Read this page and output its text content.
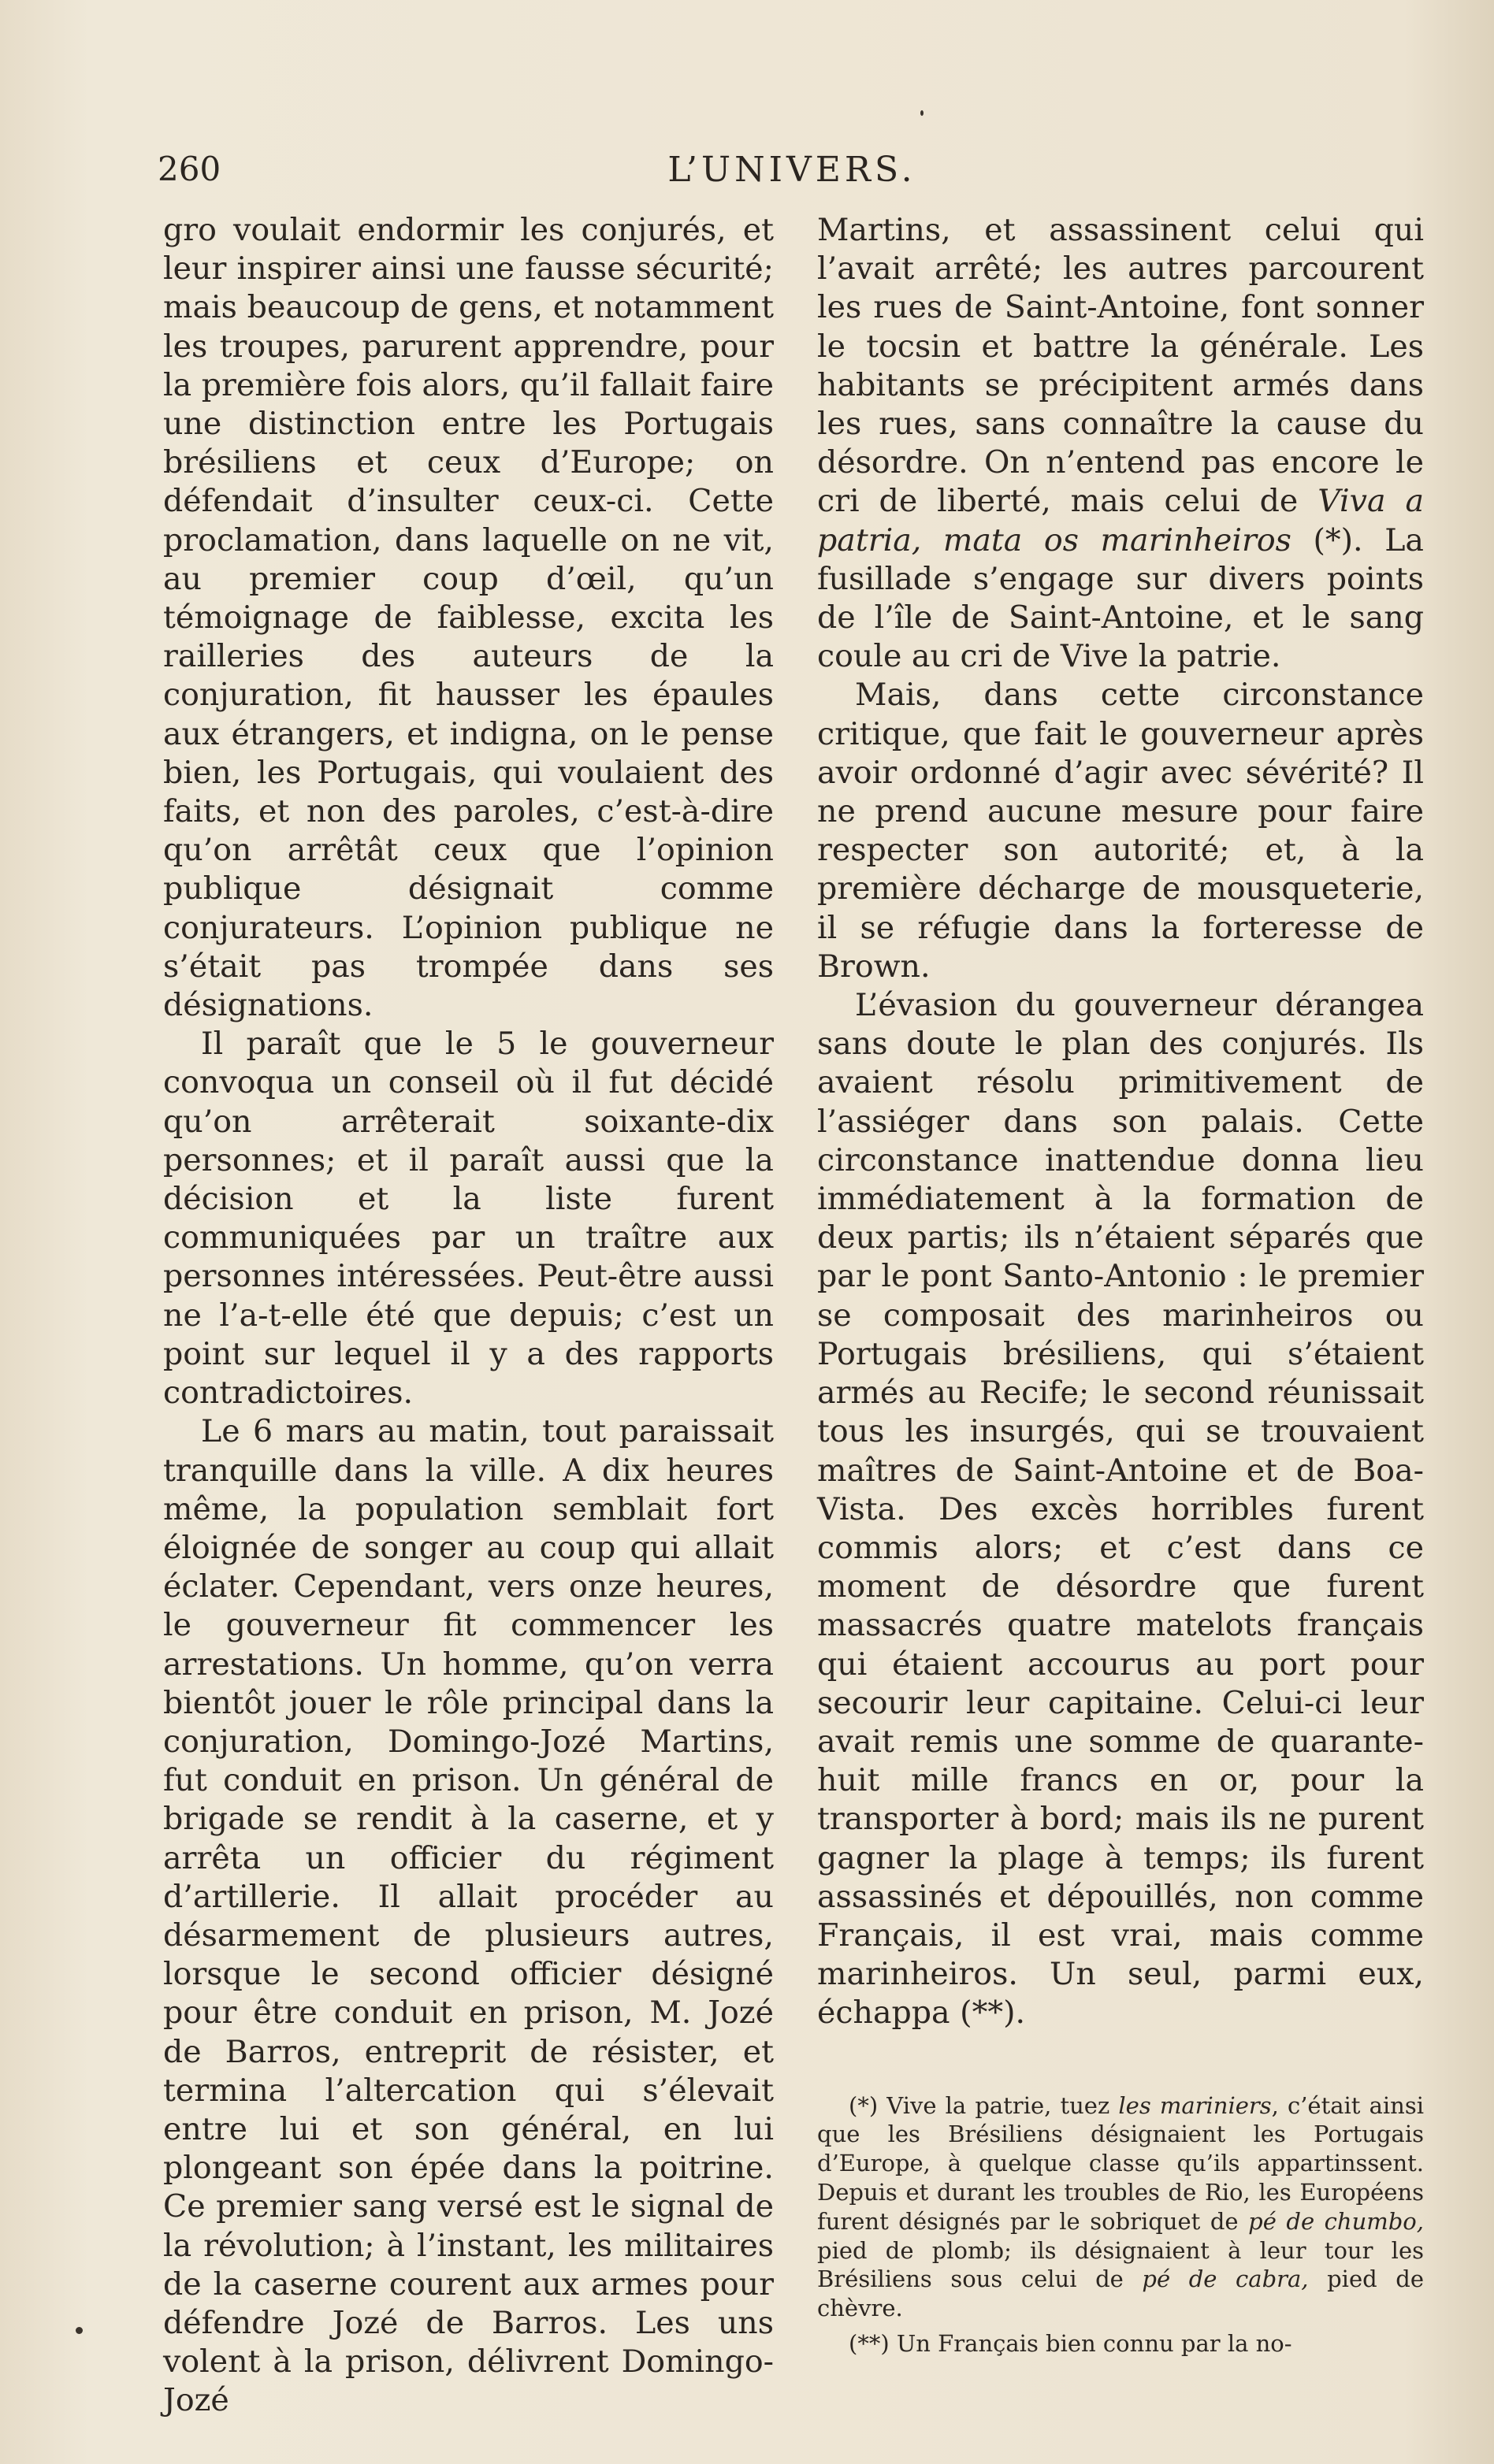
260	L’UNIVERS.

gro voulait endormir les conjurés, et leur inspirer ainsi une fausse sécurité; mais beaucoup de gens, et notamment les troupes, parurent apprendre, pour la première fois alors, qu’il fallait faire une distinction entre les Portugais brésiliens et ceux d’Europe; on défendait d’insulter ceux-ci. Cette proclamation, dans laquelle on ne vit, au premier coup d’œil, qu’un témoignage de faiblesse, excita les railleries des auteurs de la conjuration, fit hausser les épaules aux étrangers, et indigna, on le pense bien, les Portugais, qui voulaient des faits, et non des paroles, c’est-à-dire qu’on arrêtât ceux que l’opinion publique désignait comme conjurateurs. L’opinion publique ne s’était pas trompée dans ses désignations.

Il paraît que le 5 le gouverneur convoqua un conseil où il fut décidé qu’on arrêterait soixante-dix personnes; et il paraît aussi que la décision et la liste furent communiquées par un traître aux personnes intéressées. Peut-être aussi ne l’a-t-elle été que depuis; c’est un point sur lequel il y a des rapports contradictoires.

Le 6 mars au matin, tout paraissait tranquille dans la ville. A dix heures même, la population semblait fort éloignée de songer au coup qui allait éclater. Cependant, vers onze heures, le gouverneur fit commencer les arrestations. Un homme, qu’on verra bientôt jouer le rôle principal dans la conjuration, Domingo-Jozé Martins, fut conduit en prison. Un général de brigade se rendit à la caserne, et y arrêta un officier du régiment d’artillerie. Il allait procéder au désarmement de plusieurs autres, lorsque le second officier désigné pour être conduit en prison, M. Jozé de Barros, entreprit de résister, et termina l’altercation qui s’élevait entre lui et son général, en lui plongeant son épée dans la poitrine. Ce premier sang versé est le signal de la révolution; à l’instant, les militaires de la caserne courent aux armes pour défendre Jozé de Barros. Les uns volent à la prison, délivrent Domingo-Jozé

Martins, et assassinent celui qui l’avait arrêté; les autres parcourent les rues de Saint-Antoine, font sonner le tocsin et battre la générale. Les habitants se précipitent armés dans les rues, sans connaître la cause du désordre. On n’entend pas encore le cri de liberté, mais celui de Viva a patria, mata os marinheiros (*). La fusillade s’engage sur divers points de l’île de Saint-Antoine, et le sang coule au cri de Vive la patrie.

Mais, dans cette circonstance critique, que fait le gouverneur après avoir ordonné d’agir avec sévérité? Il ne prend aucune mesure pour faire respecter son autorité; et, à la première décharge de mousqueterie, il se réfugie dans la forteresse de Brown.

L’évasion du gouverneur dérangea sans doute le plan des conjurés. Ils avaient résolu primitivement de l’assiéger dans son palais. Cette circonstance inattendue donna lieu immédiatement à la formation de deux partis; ils n’étaient séparés que par le pont Santo-Antonio : le premier se composait des marinheiros ou Portugais brésiliens, qui s’étaient armés au Recife; le second réunissait tous les insurgés, qui se trouvaient maîtres de Saint-Antoine et de Boa-Vista. Des excès horribles furent commis alors; et c’est dans ce moment de désordre que furent massacrés quatre matelots français qui étaient accourus au port pour secourir leur capitaine. Celui-ci leur avait remis une somme de quarante-huit mille francs en or, pour la transporter à bord; mais ils ne purent gagner la plage à temps; ils furent assassinés et dépouillés, non comme Français, il est vrai, mais comme marinheiros. Un seul, parmi eux, échappa (**).

(*) Vive la patrie, tuez les mariniers, c’était ainsi que les Brésiliens désignaient les Portugais d’Europe, à quelque classe qu’ils appartinssent. Depuis et durant les troubles de Rio, les Européens furent désignés par le sobriquet de pé de chumbo, pied de plomb; ils désignaient à leur tour les Brésiliens sous celui de pé de cabra, pied de chèvre.

(**) Un Français bien connu par la no-
